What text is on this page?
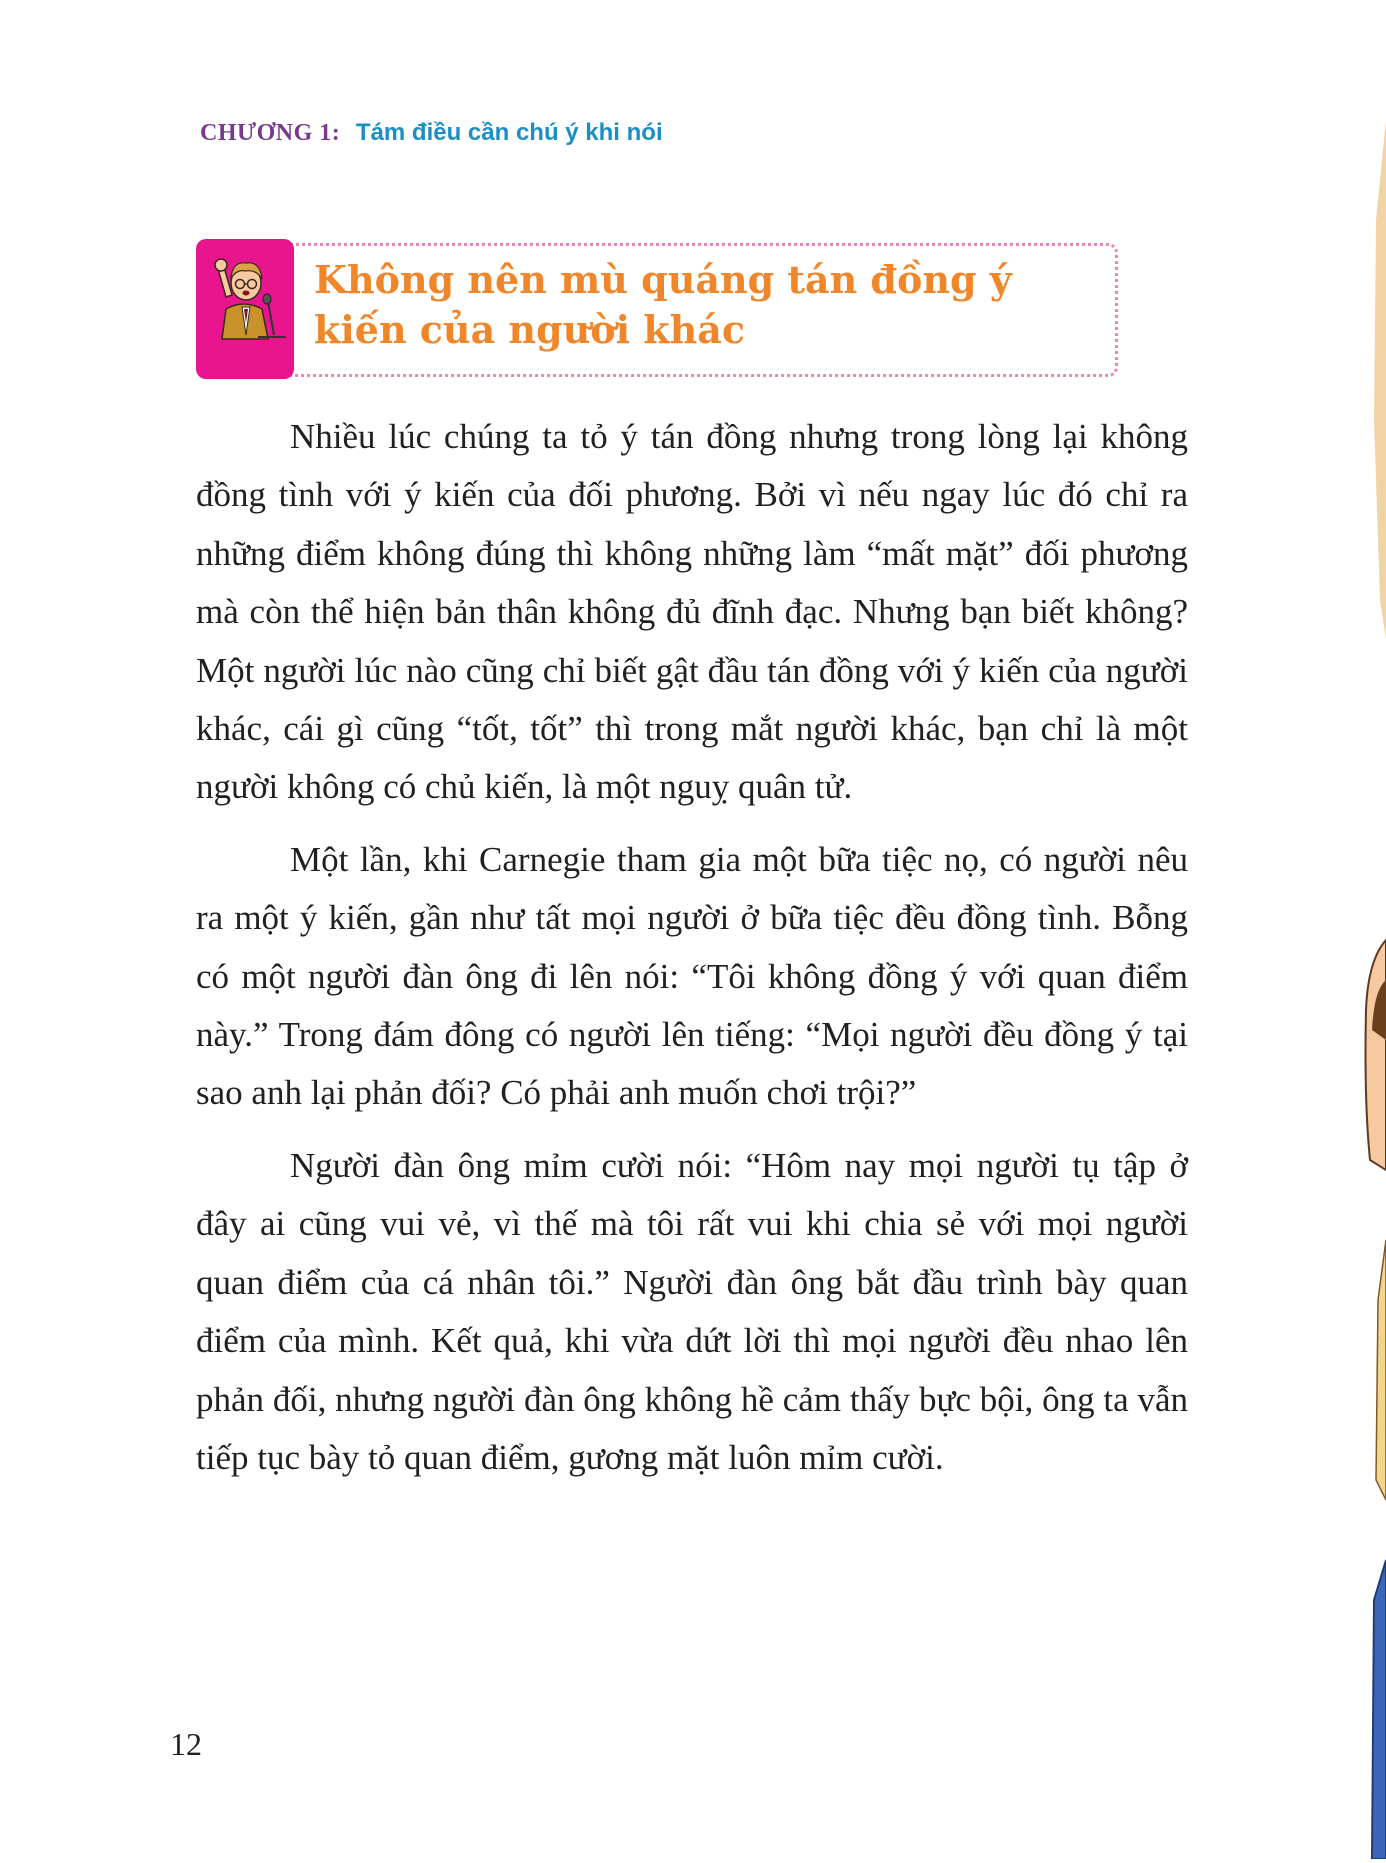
CHƯƠNG 1: Tám điều cần chú ý khi nói
Không nên mù quáng tán đồng ý kiến của người khác

Nhiều lúc chúng ta tỏ ý tán đồng nhưng trong lòng lại không đồng tình với ý kiến của đối phương. Bởi vì nếu ngay lúc đó chỉ ra những điểm không đúng thì không những làm “mất mặt” đối phương mà còn thể hiện bản thân không đủ đĩnh đạc. Nhưng bạn biết không? Một người lúc nào cũng chỉ biết gật đầu tán đồng với ý kiến của người khác, cái gì cũng “tốt, tốt” thì trong mắt người khác, bạn chỉ là một người không có chủ kiến, là một nguỵ quân tử.

Một lần, khi Carnegie tham gia một bữa tiệc nọ, có người nêu ra một ý kiến, gần như tất mọi người ở bữa tiệc đều đồng tình. Bỗng có một người đàn ông đi lên nói: “Tôi không đồng ý với quan điểm này.” Trong đám đông có người lên tiếng: “Mọi người đều đồng ý tại sao anh lại phản đối? Có phải anh muốn chơi trội?”

Người đàn ông mỉm cười nói: “Hôm nay mọi người tụ tập ở đây ai cũng vui vẻ, vì thế mà tôi rất vui khi chia sẻ với mọi người quan điểm của cá nhân tôi.” Người đàn ông bắt đầu trình bày quan điểm của mình. Kết quả, khi vừa dứt lời thì mọi người đều nhao lên phản đối, nhưng người đàn ông không hề cảm thấy bực bội, ông ta vẫn tiếp tục bày tỏ quan điểm, gương mặt luôn mỉm cười.

12
